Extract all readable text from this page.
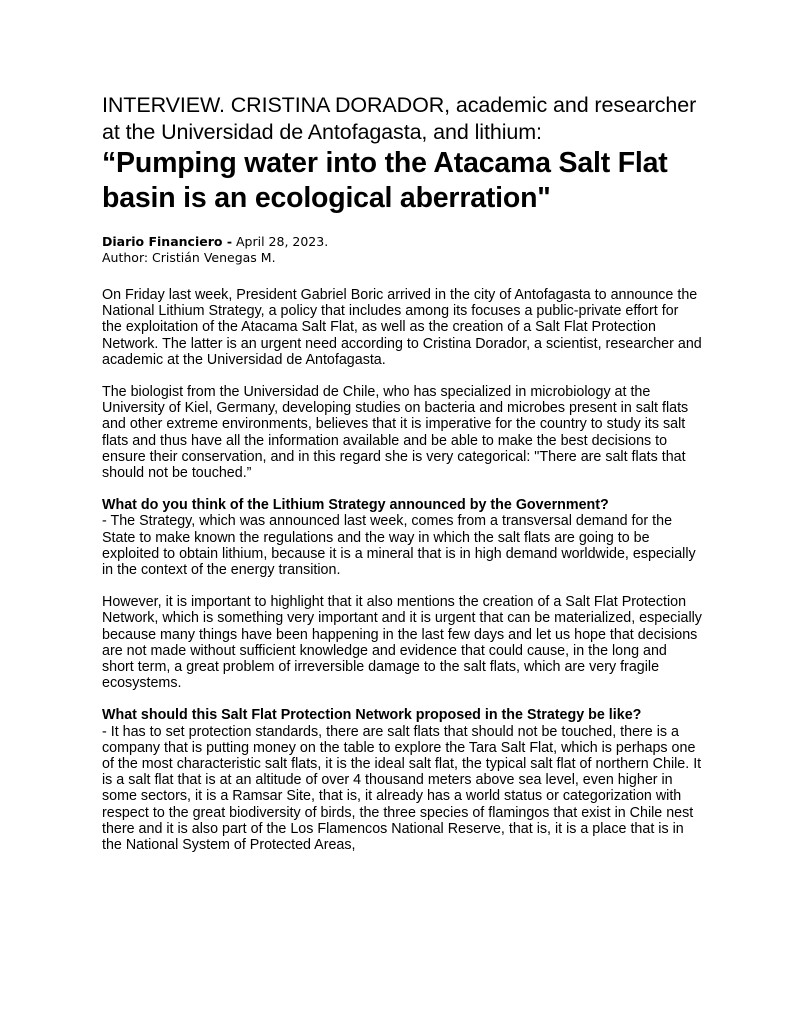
INTERVIEW. CRISTINA DORADOR, academic and researcher at the Universidad de Antofagasta, and lithium:
“Pumping water into the Atacama Salt Flat basin is an ecological aberration"
Diario Financiero - April 28, 2023.
Author: Cristián Venegas M.

On Friday last week, President Gabriel Boric arrived in the city of Antofagasta to announce the National Lithium Strategy, a policy that includes among its focuses a public-private effort for the exploitation of the Atacama Salt Flat, as well as the creation of a Salt Flat Protection Network. The latter is an urgent need according to Cristina Dorador, a scientist, researcher and academic at the Universidad de Antofagasta.

The biologist from the Universidad de Chile, who has specialized in microbiology at the University of Kiel, Germany, developing studies on bacteria and microbes present in salt flats and other extreme environments, believes that it is imperative for the country to study its salt flats and thus have all the information available and be able to make the best decisions to ensure their conservation, and in this regard she is very categorical: "There are salt flats that should not be touched.”

What do you think of the Lithium Strategy announced by the Government?

- The Strategy, which was announced last week, comes from a transversal demand for the State to make known the regulations and the way in which the salt flats are going to be exploited to obtain lithium, because it is a mineral that is in high demand worldwide, especially in the context of the energy transition.

However, it is important to highlight that it also mentions the creation of a Salt Flat Protection Network, which is something very important and it is urgent that can be materialized, especially because many things have been happening in the last few days and let us hope that decisions are not made without sufficient knowledge and evidence that could cause, in the long and short term, a great problem of irreversible damage to the salt flats, which are very fragile ecosystems.

What should this Salt Flat Protection Network proposed in the Strategy be like?

- It has to set protection standards, there are salt flats that should not be touched, there is a company that is putting money on the table to explore the Tara Salt Flat, which is perhaps one of the most characteristic salt flats, it is the ideal salt flat, the typical salt flat of northern Chile. It is a salt flat that is at an altitude of over 4 thousand meters above sea level, even higher in some sectors, it is a Ramsar Site, that is, it already has a world status or categorization with respect to the great biodiversity of birds, the three species of flamingos that exist in Chile nest there and it is also part of the Los Flamencos National Reserve, that is, it is a place that is in the National System of Protected Areas,
